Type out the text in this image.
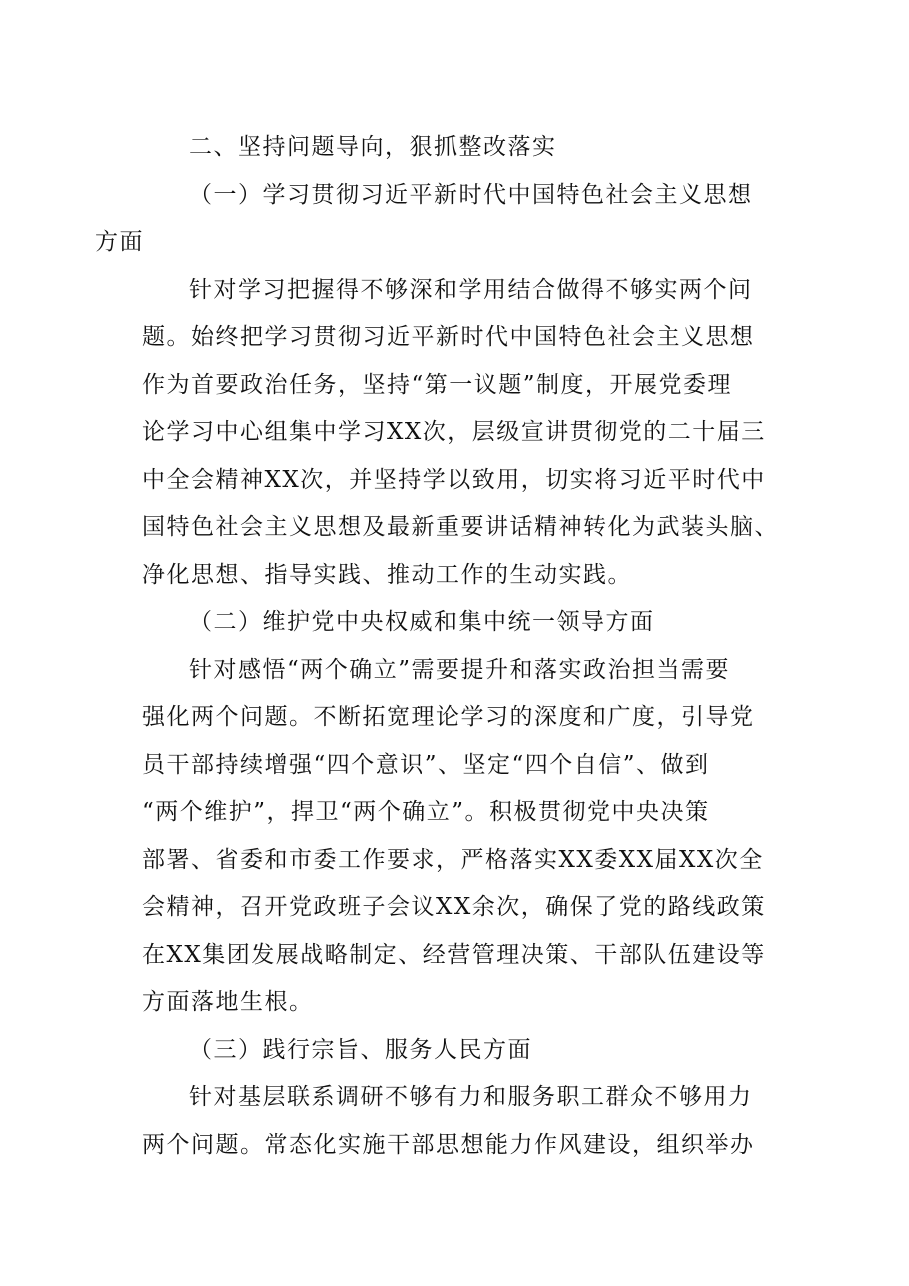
二、坚持问题导向，狠抓整改落实

（一）学习贯彻习近平新时代中国特色社会主义思想
方面

针对学习把握得不够深和学用结合做得不够实两个问
题。始终把学习贯彻习近平新时代中国特色社会主义思想
作为首要政治任务，坚持“第一议题”制度，开展党委理
论学习中心组集中学习XX次，层级宣讲贯彻党的二十届三
中全会精神XX次，并坚持学以致用，切实将习近平时代中
国特色社会主义思想及最新重要讲话精神转化为武装头脑、
净化思想、指导实践、推动工作的生动实践。

（二）维护党中央权威和集中统一领导方面

针对感悟“两个确立”需要提升和落实政治担当需要
强化两个问题。不断拓宽理论学习的深度和广度，引导党
员干部持续增强“四个意识”、坚定“四个自信”、做到
“两个维护”，捍卫“两个确立”。积极贯彻党中央决策
部署、省委和市委工作要求，严格落实XX委XX届XX次全
会精神，召开党政班子会议XX余次，确保了党的路线政策
在XX集团发展战略制定、经营管理决策、干部队伍建设等
方面落地生根。

（三）践行宗旨、服务人民方面

针对基层联系调研不够有力和服务职工群众不够用力
两个问题。常态化实施干部思想能力作风建设，组织举办
